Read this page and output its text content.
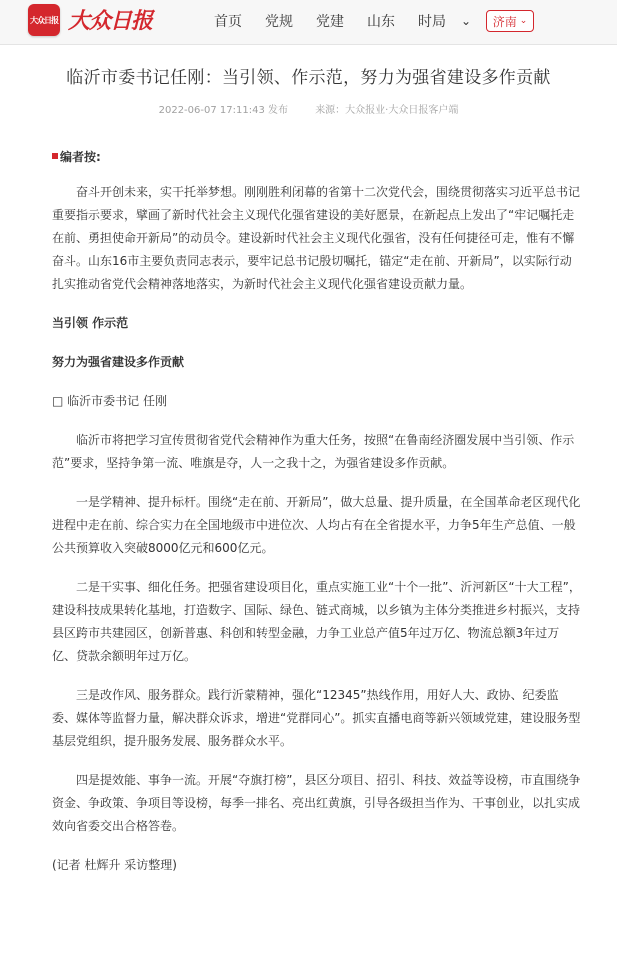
大众日报 大众日报	首页 党规 党建 山东 时局 ⌄ 济南 ⌄
临沂市委书记任刚：当引领、作示范，努力为强省建设多作贡献
2022-06-07 17:11:43 发布	来源：大众报业·大众日报客户端

编者按:

奋斗开创未来，实干托举梦想。刚刚胜利闭幕的省第十二次党代会，围绕贯彻落实习近平总书记重要指示要求，擘画了新时代社会主义现代化强省建设的美好愿景，在新起点上发出了“牢记嘱托走在前、勇担使命开新局”的动员令。建设新时代社会主义现代化强省，没有任何捷径可走，惟有不懈奋斗。山东16市主要负责同志表示，要牢记总书记殷切嘱托，锚定“走在前、开新局”，以实际行动扎实推动省党代会精神落地落实，为新时代社会主义现代化强省建设贡献力量。

当引领 作示范

努力为强省建设多作贡献

□ 临沂市委书记 任刚

临沂市将把学习宣传贯彻省党代会精神作为重大任务，按照“在鲁南经济圈发展中当引领、作示范”要求，坚持争第一流、唯旗是夺，人一之我十之，为强省建设多作贡献。

一是学精神、提升标杆。围绕“走在前、开新局”，做大总量、提升质量，在全国革命老区现代化进程中走在前、综合实力在全国地级市中进位次、人均占有在全省提水平，力争5年生产总值、一般公共预算收入突破8000亿元和600亿元。

二是干实事、细化任务。把强省建设项目化，重点实施工业“十个一批”、沂河新区“十大工程”，建设科技成果转化基地，打造数字、国际、绿色、链式商城，以乡镇为主体分类推进乡村振兴，支持县区跨市共建园区，创新普惠、科创和转型金融，力争工业总产值5年过万亿、物流总额3年过万亿、贷款余额明年过万亿。

三是改作风、服务群众。践行沂蒙精神，强化“12345”热线作用，用好人大、政协、纪委监委、媒体等监督力量，解决群众诉求，增进“党群同心”。抓实直播电商等新兴领域党建，建设服务型基层党组织，提升服务发展、服务群众水平。

四是提效能、事争一流。开展“夺旗打榜”，县区分项目、招引、科技、效益等设榜，市直围绕争资金、争政策、争项目等设榜，每季一排名、亮出红黄旗，引导各级担当作为、干事创业，以扎实成效向省委交出合格答卷。

(记者 杜辉升 采访整理)
